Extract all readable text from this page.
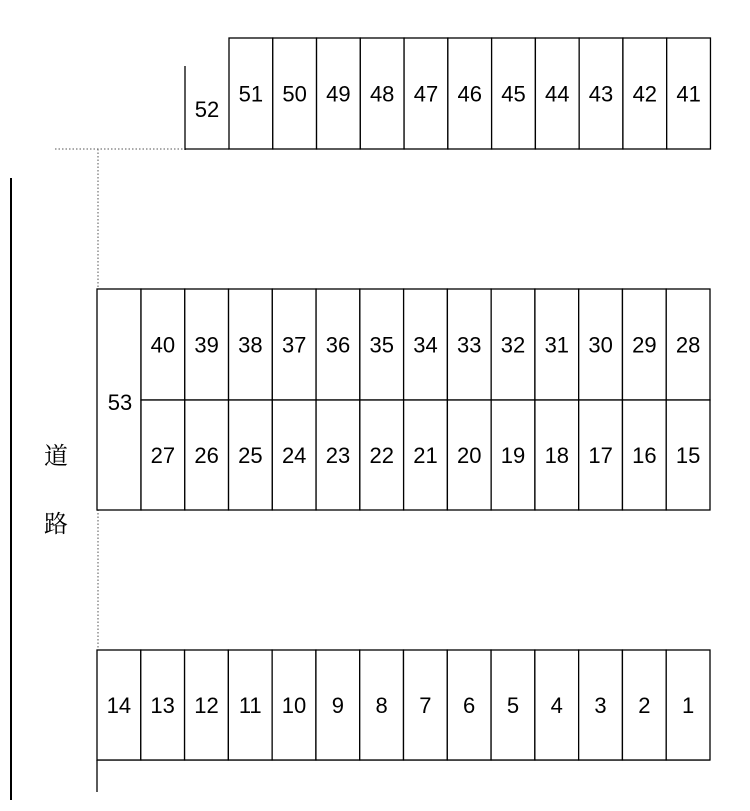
52
51 50 49 48 47 46 45 44 43 42 41
53
40 39 38 37 36 35 34 33 32 31 30 29 28
27 26 25 24 23 22 21 20 19 18 17 16 15
14 13 12 11 10 9 8 7 6 5 4 3 2 1
道
路
